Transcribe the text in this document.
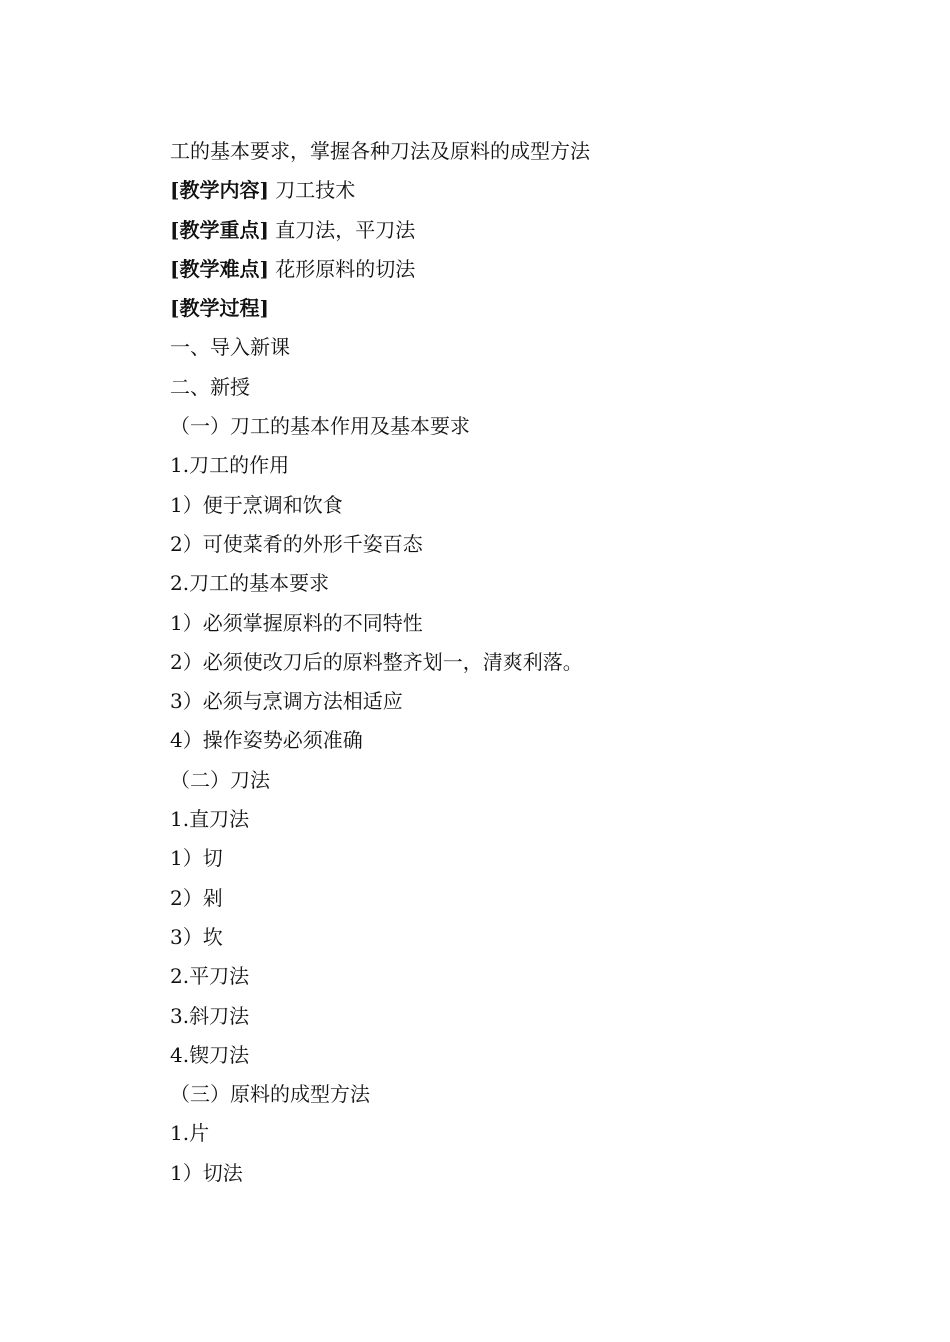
工的基本要求，掌握各种刀法及原料的成型方法
[教学内容] 刀工技术
[教学重点] 直刀法，平刀法
[教学难点] 花形原料的切法
[教学过程]
一、导入新课
二、新授
（一）刀工的基本作用及基本要求
1.刀工的作用
1）便于烹调和饮食
2）可使菜肴的外形千姿百态
2.刀工的基本要求
1）必须掌握原料的不同特性
2）必须使改刀后的原料整齐划一，清爽利落。
3）必须与烹调方法相适应
4）操作姿势必须准确
（二）刀法
1.直刀法
1）切
2）剁
3）坎
2.平刀法
3.斜刀法
4.锲刀法
（三）原料的成型方法
1.片
1）切法
